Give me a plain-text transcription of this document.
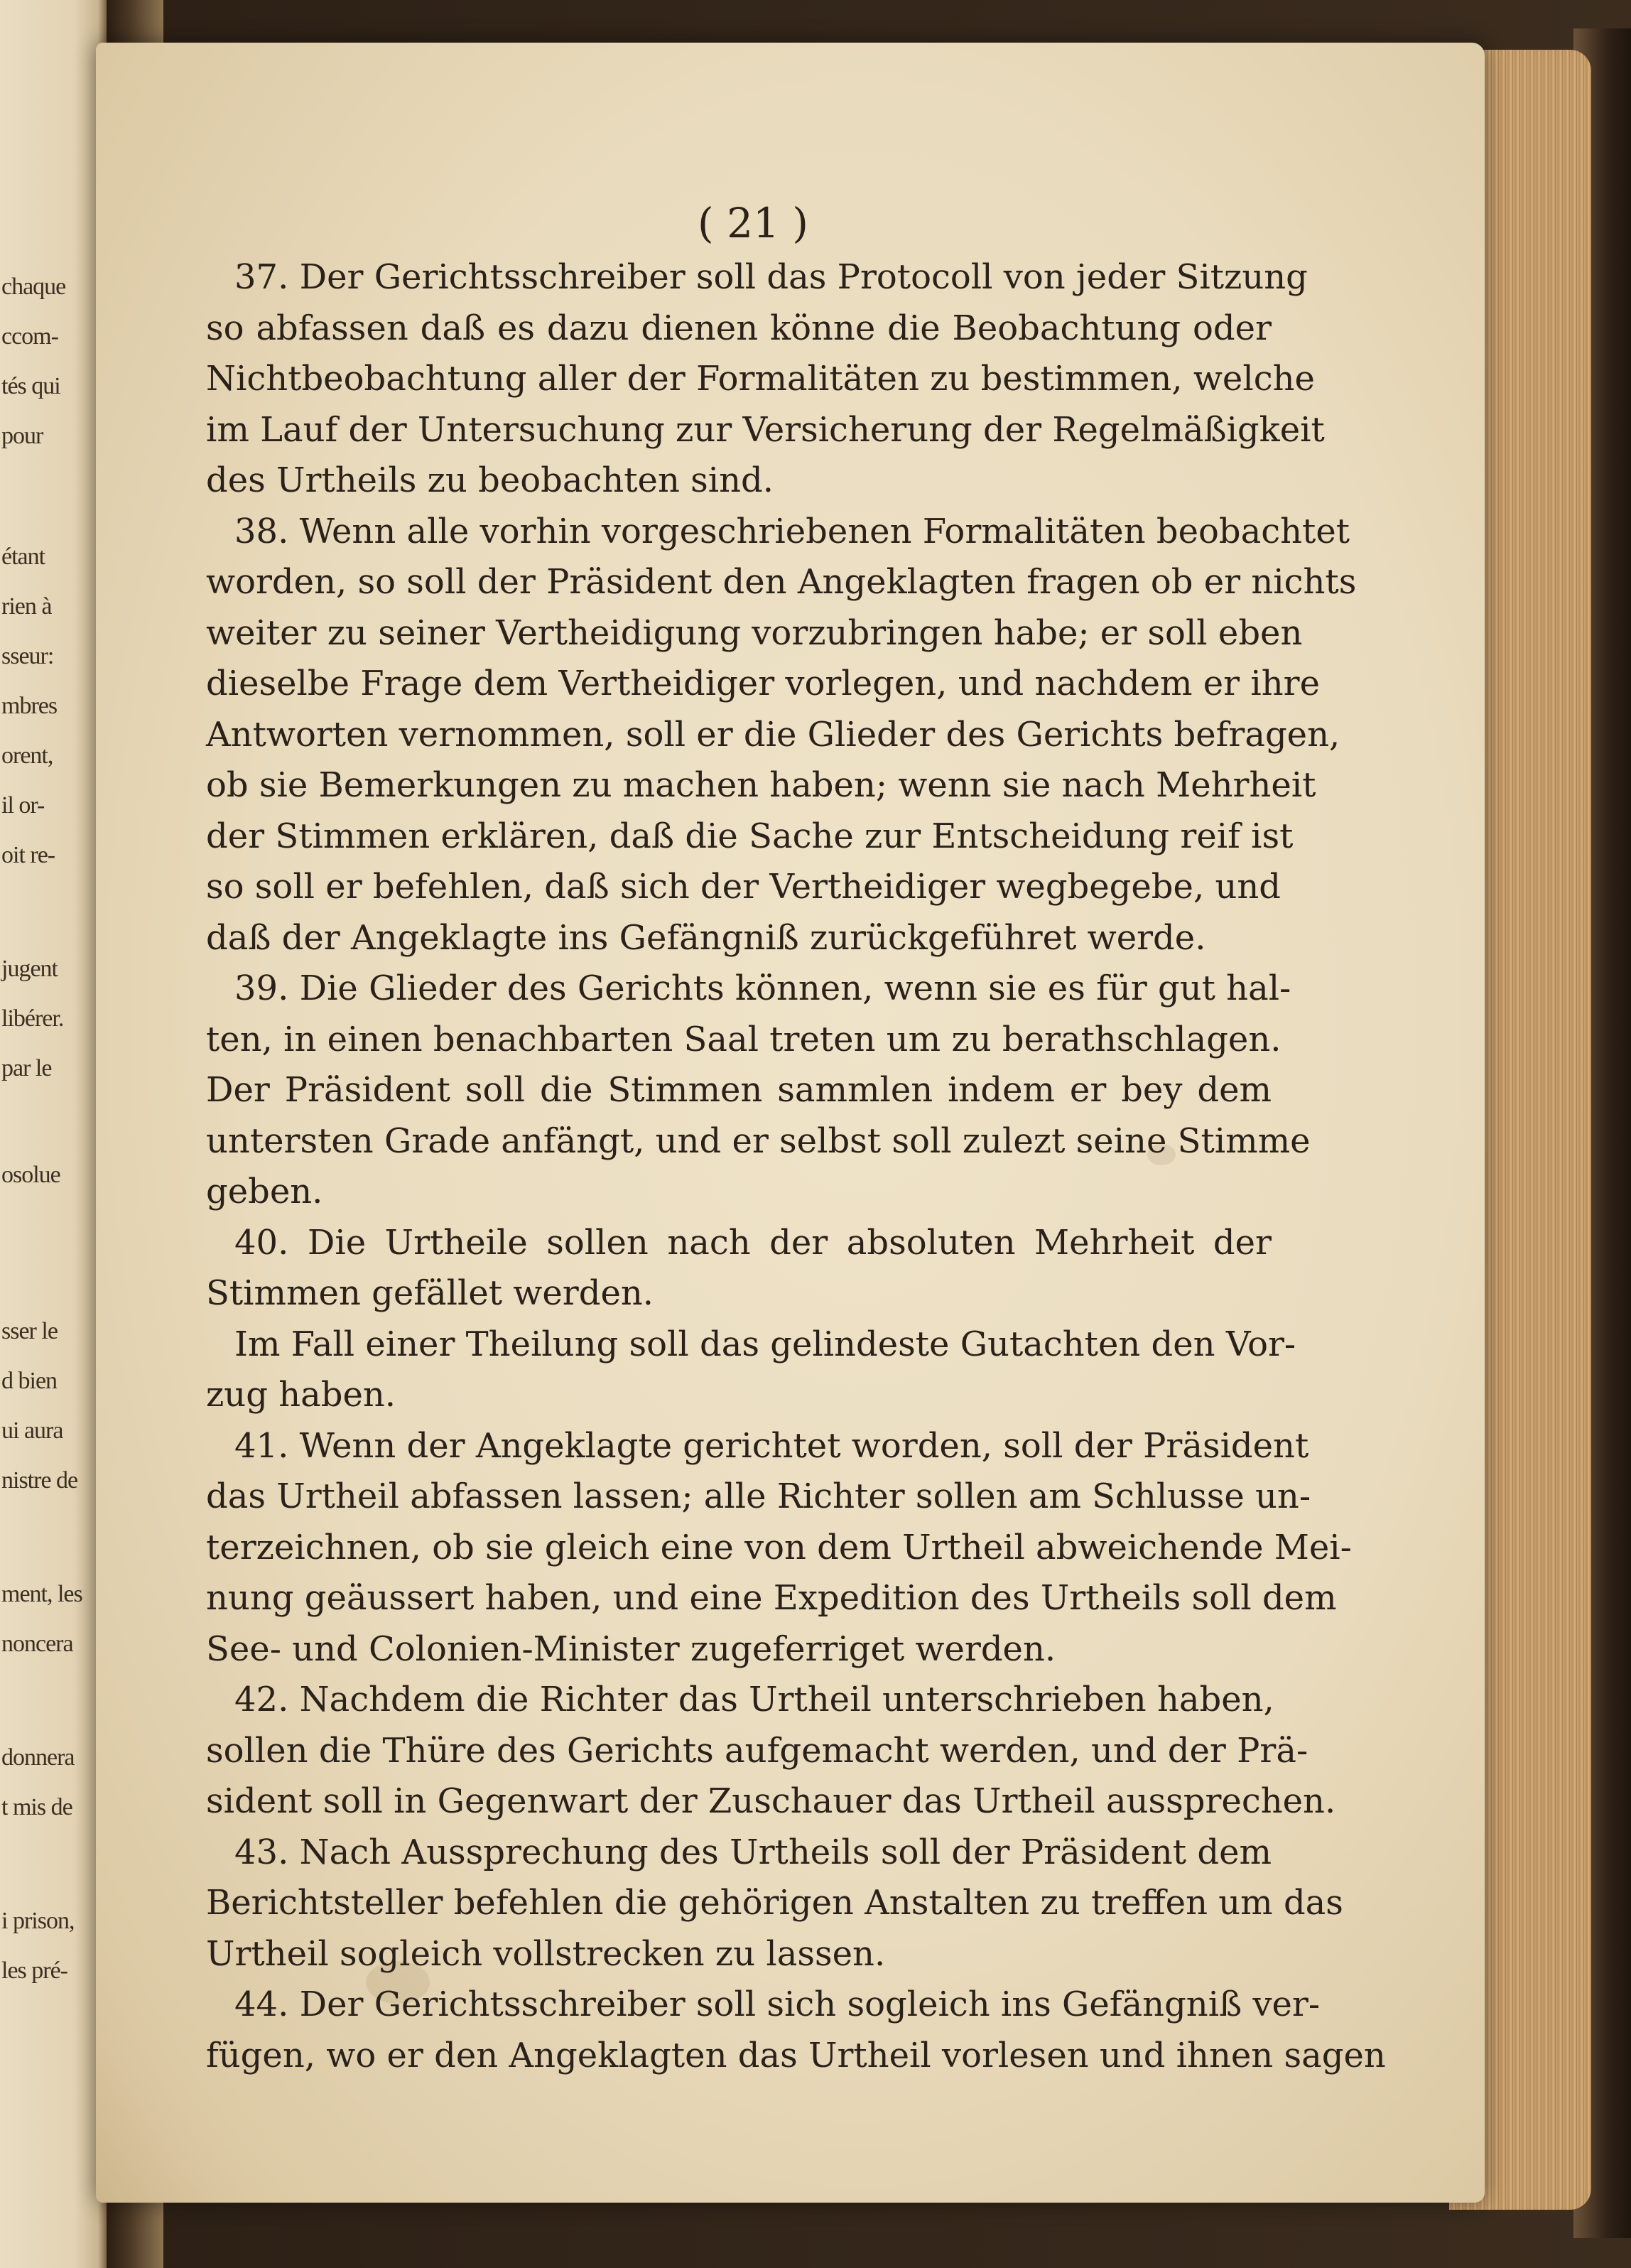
chaque
ccom-
tés qui
pour
étant
rien à
sseur:
mbres
orent,
il or-
oit re-
jugent
libérer.
par le
osolue
sser le
d bien
ui aura
nistre de
ment, les
noncera
donnera
t mis de
i prison,
les pré-
( 21 )
37. Der Gerichtsschreiber soll das Protocoll von jeder Sitzung
so abfassen daß es dazu dienen könne die Beobachtung oder
Nichtbeobachtung aller der Formalitäten zu bestimmen, welche
im Lauf der Untersuchung zur Versicherung der Regelmäßigkeit
des Urtheils zu beobachten sind.
38. Wenn alle vorhin vorgeschriebenen Formalitäten beobachtet
worden, so soll der Präsident den Angeklagten fragen ob er nichts
weiter zu seiner Vertheidigung vorzubringen habe; er soll eben
dieselbe Frage dem Vertheidiger vorlegen, und nachdem er ihre
Antworten vernommen, soll er die Glieder des Gerichts befragen,
ob sie Bemerkungen zu machen haben; wenn sie nach Mehrheit
der Stimmen erklären, daß die Sache zur Entscheidung reif ist
so soll er befehlen, daß sich der Vertheidiger wegbegebe, und
daß der Angeklagte ins Gefängniß zurückgeführet werde.
39. Die Glieder des Gerichts können, wenn sie es für gut hal-
ten, in einen benachbarten Saal treten um zu berathschlagen.
Der Präsident soll die Stimmen sammlen indem er bey dem
untersten Grade anfängt, und er selbst soll zulezt seine Stimme
geben.
40. Die Urtheile sollen nach der absoluten Mehrheit der
Stimmen gefället werden.
Im Fall einer Theilung soll das gelindeste Gutachten den Vor-
zug haben.
41. Wenn der Angeklagte gerichtet worden, soll der Präsident
das Urtheil abfassen lassen; alle Richter sollen am Schlusse un-
terzeichnen, ob sie gleich eine von dem Urtheil abweichende Mei-
nung geäussert haben, und eine Expedition des Urtheils soll dem
See- und Colonien-Minister zugeferriget werden.
42. Nachdem die Richter das Urtheil unterschrieben haben,
sollen die Thüre des Gerichts aufgemacht werden, und der Prä-
sident soll in Gegenwart der Zuschauer das Urtheil aussprechen.
43. Nach Aussprechung des Urtheils soll der Präsident dem
Berichtsteller befehlen die gehörigen Anstalten zu treffen um das
Urtheil sogleich vollstrecken zu lassen.
44. Der Gerichtsschreiber soll sich sogleich ins Gefängniß ver-
fügen, wo er den Angeklagten das Urtheil vorlesen und ihnen sagen
